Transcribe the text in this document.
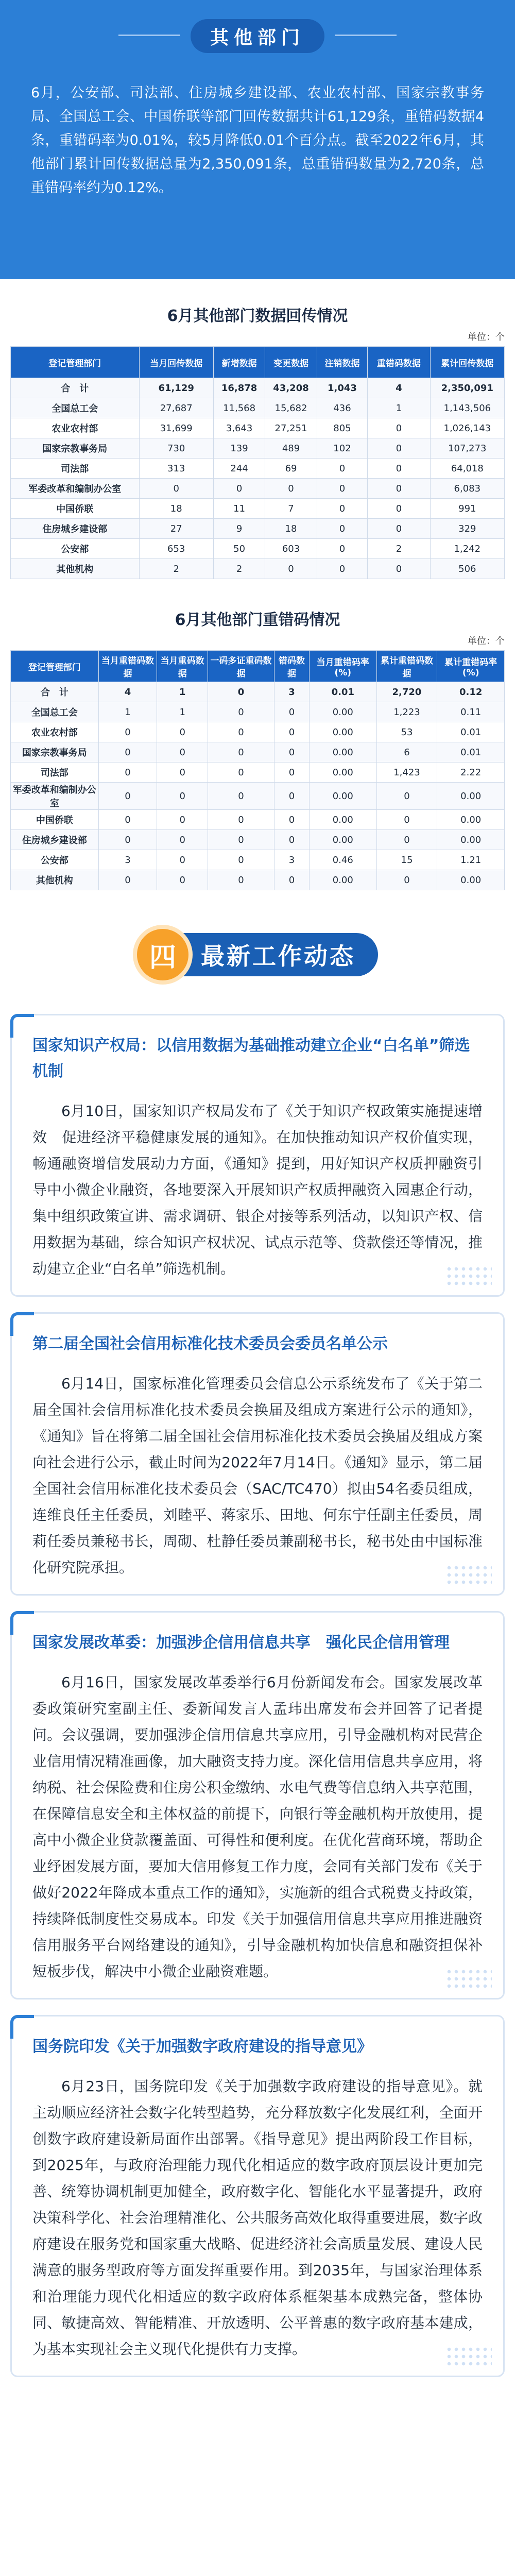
其他部门
6月，公安部、司法部、住房城乡建设部、农业农村部、国家宗教事务局、全国总工会、中国侨联等部门回传数据共计61,129条，重错码数据4条，重错码率为0.01%，较5月降低0.01个百分点。截至2022年6月，其他部门累计回传数据总量为2,350,091条，总重错码数量为2,720条，总重错码率约为0.12%。
6月其他部门数据回传情况
单位：个
登记管理部门	当月回传数据	新增数据	变更数据	注销数据	重错码数据	累计回传数据
合　计	61,129	16,878	43,208	1,043	4	2,350,091
全国总工会	27,687	11,568	15,682	436	1	1,143,506
农业农村部	31,699	3,643	27,251	805	0	1,026,143
国家宗教事务局	730	139	489	102	0	107,273
司法部	313	244	69	0	0	64,018
军委改革和编制办公室	0	0	0	0	0	6,083
中国侨联	18	11	7	0	0	991
住房城乡建设部	27	9	18	0	0	329
公安部	653	50	603	0	2	1,242
其他机构	2	2	0	0	0	506
6月其他部门重错码情况
单位：个
登记管理部门	当月重错码数据	当月重码数据	一码多证重码数据	错码数据	当月重错码率(%)	累计重错码数据	累计重错码率(%)
合　计	4	1	0	3	0.01	2,720	0.12
全国总工会	1	1	0	0	0.00	1,223	0.11
农业农村部	0	0	0	0	0.00	53	0.01
国家宗教事务局	0	0	0	0	0.00	6	0.01
司法部	0	0	0	0	0.00	1,423	2.22
军委改革和编制办公室	0	0	0	0	0.00	0	0.00
中国侨联	0	0	0	0	0.00	0	0.00
住房城乡建设部	0	0	0	0	0.00	0	0.00
公安部	3	0	0	3	0.46	15	1.21
其他机构	0	0	0	0	0.00	0	0.00
四	最新工作动态
国家知识产权局：以信用数据为基础推动建立企业“白名单”筛选机制
6月10日，国家知识产权局发布了《关于知识产权政策实施提速增效　促进经济平稳健康发展的通知》。在加快推动知识产权价值实现，畅通融资增信发展动力方面，《通知》提到，用好知识产权质押融资引导中小微企业融资，各地要深入开展知识产权质押融资入园惠企行动，集中组织政策宣讲、需求调研、银企对接等系列活动，以知识产权、信用数据为基础，综合知识产权状况、试点示范等、贷款偿还等情况，推动建立企业“白名单”筛选机制。
第二届全国社会信用标准化技术委员会委员名单公示
6月14日，国家标准化管理委员会信息公示系统发布了《关于第二届全国社会信用标准化技术委员会换届及组成方案进行公示的通知》，《通知》旨在将第二届全国社会信用标准化技术委员会换届及组成方案向社会进行公示，截止时间为2022年7月14日。《通知》显示，第二届全国社会信用标准化技术委员会（SAC/TC470）拟由54名委员组成，连维良任主任委员，刘睦平、蒋家乐、田地、何东宁任副主任委员，周莉任委员兼秘书长，周砌、杜静任委员兼副秘书长，秘书处由中国标准化研究院承担。
国家发展改革委：加强涉企信用信息共享　强化民企信用管理
6月16日，国家发展改革委举行6月份新闻发布会。国家发展改革委政策研究室副主任、委新闻发言人孟玮出席发布会并回答了记者提问。会议强调，要加强涉企信用信息共享应用，引导金融机构对民营企业信用情况精准画像，加大融资支持力度。深化信用信息共享应用，将纳税、社会保险费和住房公积金缴纳、水电气费等信息纳入共享范围，在保障信息安全和主体权益的前提下，向银行等金融机构开放使用，提高中小微企业贷款覆盖面、可得性和便利度。在优化营商环境，帮助企业纾困发展方面，要加大信用修复工作力度，会同有关部门发布《关于做好2022年降成本重点工作的通知》，实施新的组合式税费支持政策，持续降低制度性交易成本。印发《关于加强信用信息共享应用推进融资信用服务平台网络建设的通知》，引导金融机构加快信息和融资担保补短板步伐，解决中小微企业融资难题。
国务院印发《关于加强数字政府建设的指导意见》
6月23日，国务院印发《关于加强数字政府建设的指导意见》。就主动顺应经济社会数字化转型趋势，充分释放数字化发展红利，全面开创数字政府建设新局面作出部署。《指导意见》提出两阶段工作目标，到2025年，与政府治理能力现代化相适应的数字政府顶层设计更加完善、统筹协调机制更加健全，政府数字化、智能化水平显著提升，政府决策科学化、社会治理精准化、公共服务高效化取得重要进展，数字政府建设在服务党和国家重大战略、促进经济社会高质量发展、建设人民满意的服务型政府等方面发挥重要作用。到2035年，与国家治理体系和治理能力现代化相适应的数字政府体系框架基本成熟完备，整体协同、敏捷高效、智能精准、开放透明、公平普惠的数字政府基本建成，为基本实现社会主义现代化提供有力支撑。
